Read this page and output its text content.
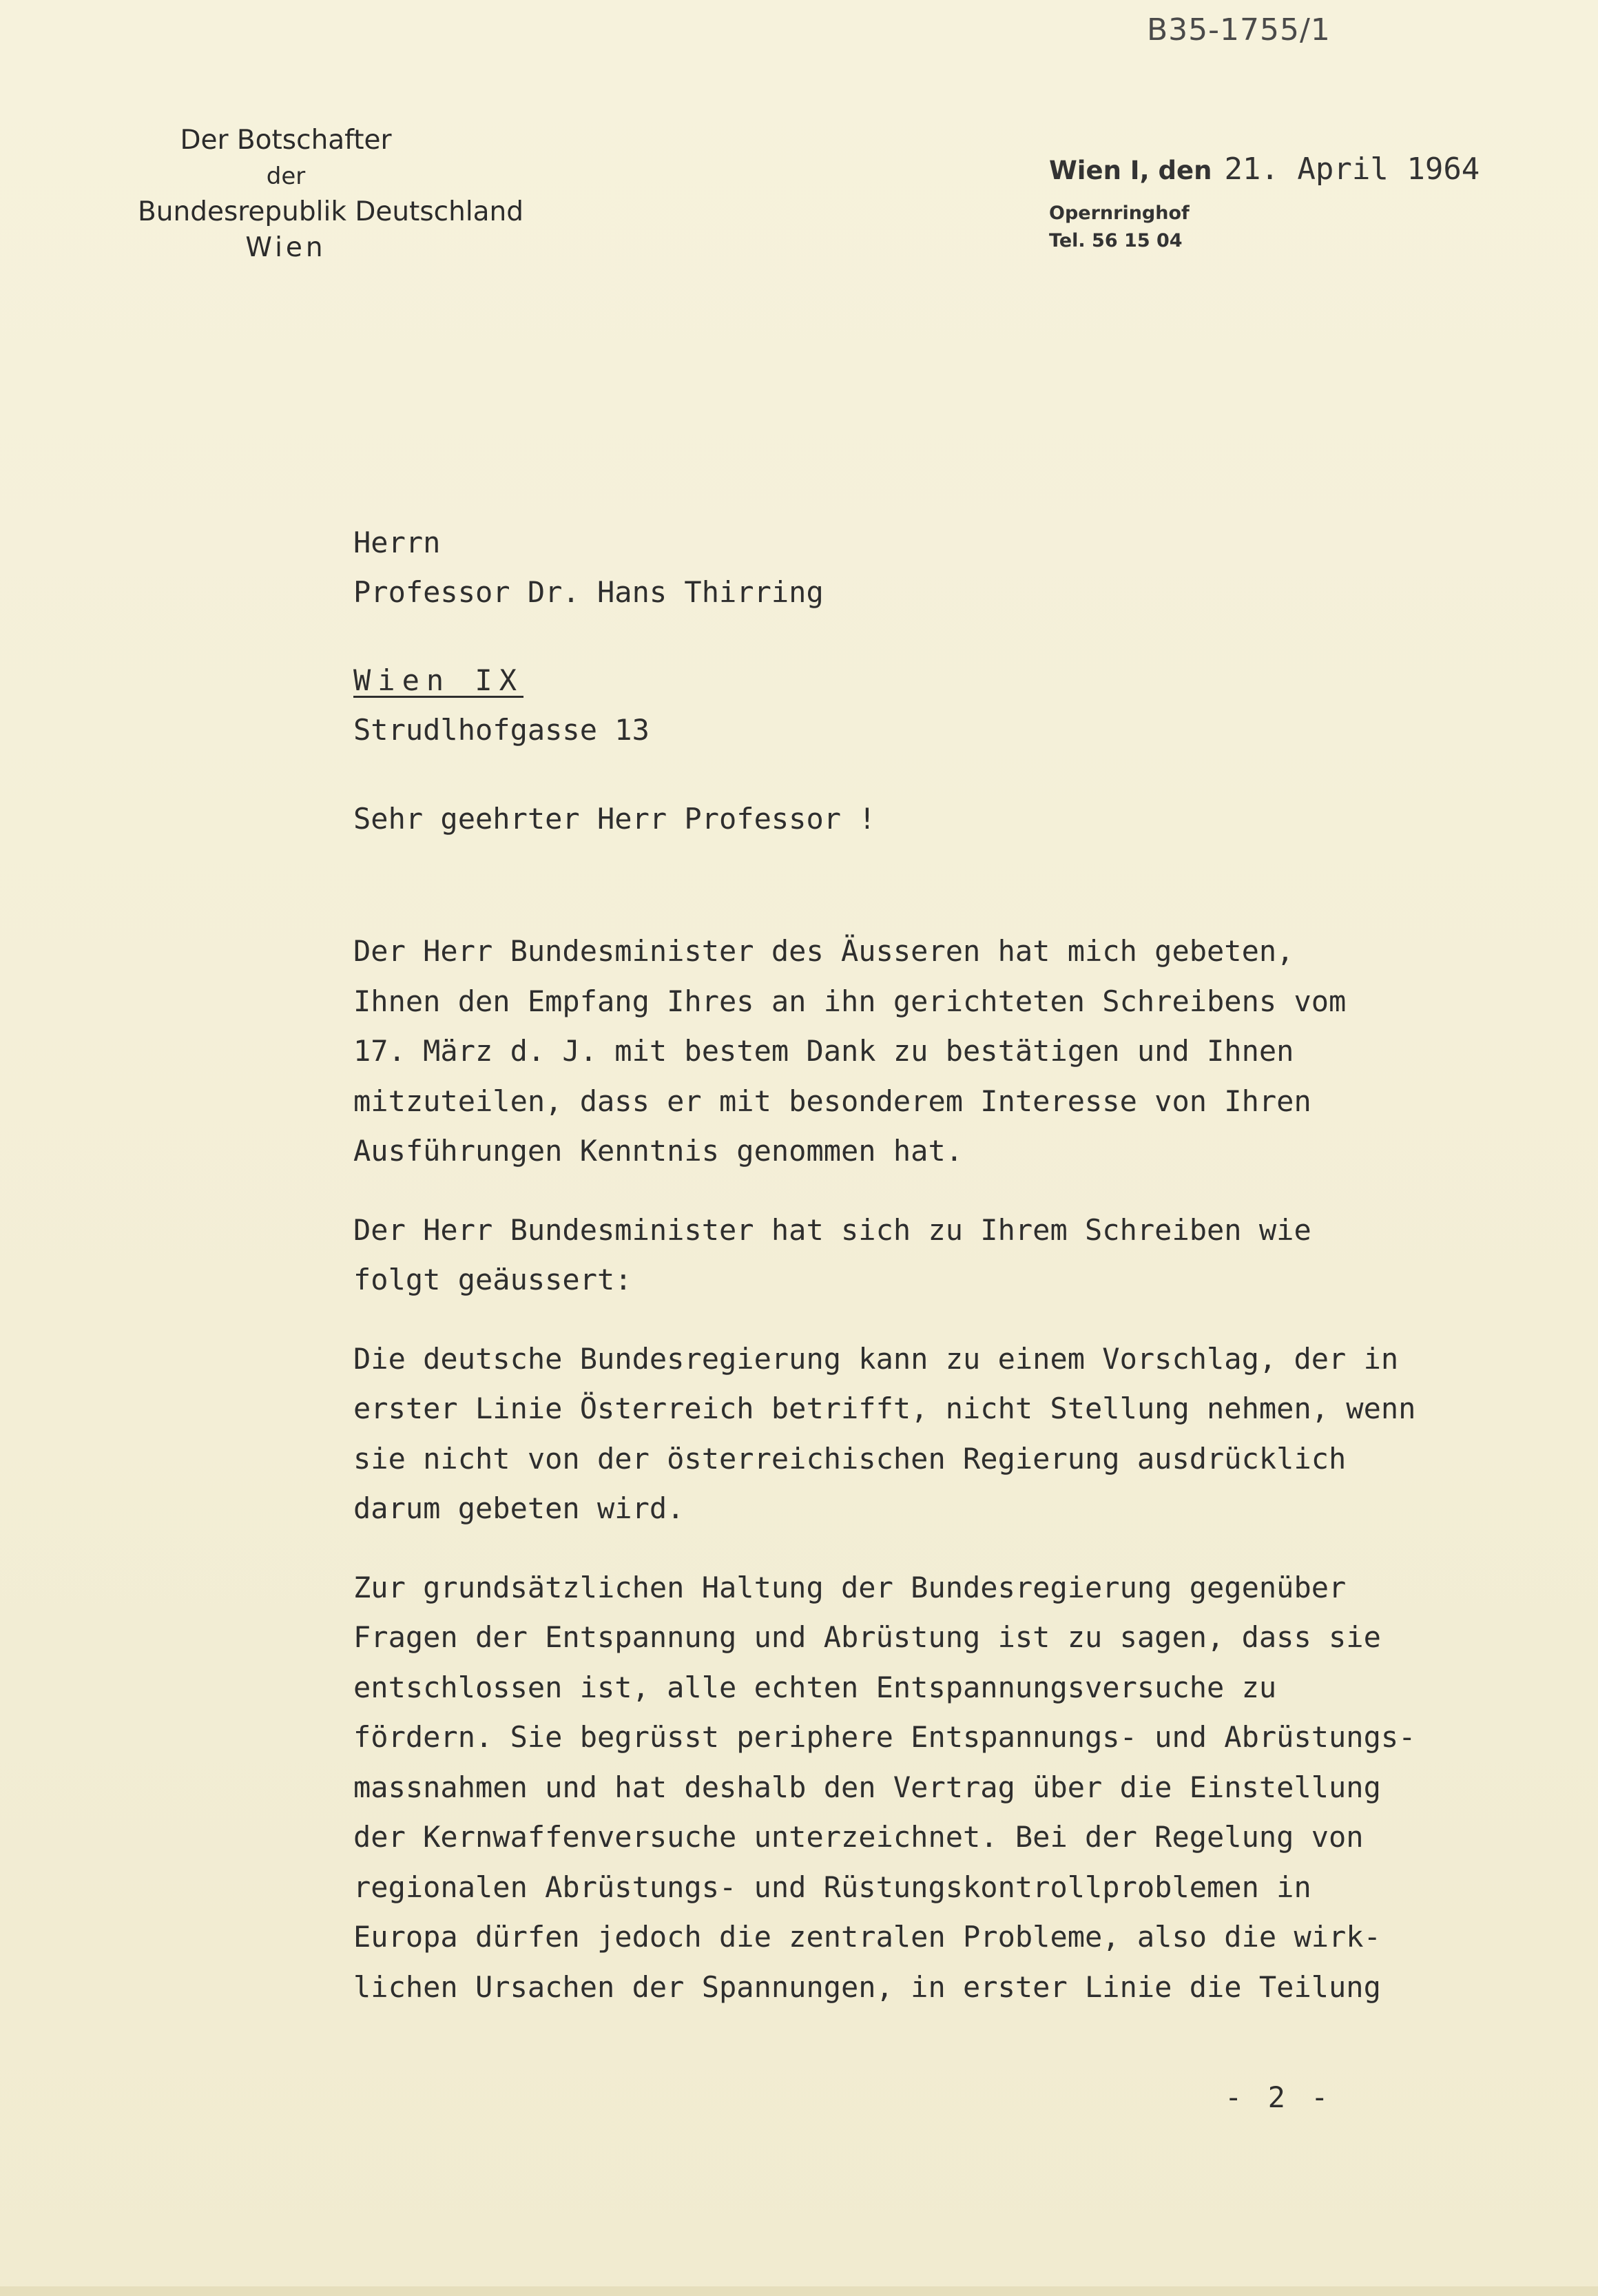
B35-1755/1
Der Botschafter
der
Bundesrepublik Deutschland
Wien
Wien I, den 21. April 1964
Opernringhof
Tel. 56 15 04
Herrn
Professor Dr. Hans Thirring
Wien IX
Strudlhofgasse 13
Sehr geehrter Herr Professor !
Der Herr Bundesminister des Äusseren hat mich gebeten,
Ihnen den Empfang Ihres an ihn gerichteten Schreibens vom
17. März d. J. mit bestem Dank zu bestätigen und Ihnen
mitzuteilen, dass er mit besonderem Interesse von Ihren
Ausführungen Kenntnis genommen hat.
Der Herr Bundesminister hat sich zu Ihrem Schreiben wie
folgt geäussert:
Die deutsche Bundesregierung kann zu einem Vorschlag, der in
erster Linie Österreich betrifft, nicht Stellung nehmen, wenn
sie nicht von der österreichischen Regierung ausdrücklich
darum gebeten wird.
Zur grundsätzlichen Haltung der Bundesregierung gegenüber
Fragen der Entspannung und Abrüstung ist zu sagen, dass sie
entschlossen ist, alle echten Entspannungsversuche zu
fördern. Sie begrüsst periphere Entspannungs- und Abrüstungs-
massnahmen und hat deshalb den Vertrag über die Einstellung
der Kernwaffenversuche unterzeichnet. Bei der Regelung von
regionalen Abrüstungs- und Rüstungskontrollproblemen in
Europa dürfen jedoch die zentralen Probleme, also die wirk-
lichen Ursachen der Spannungen, in erster Linie die Teilung
- 2 -
